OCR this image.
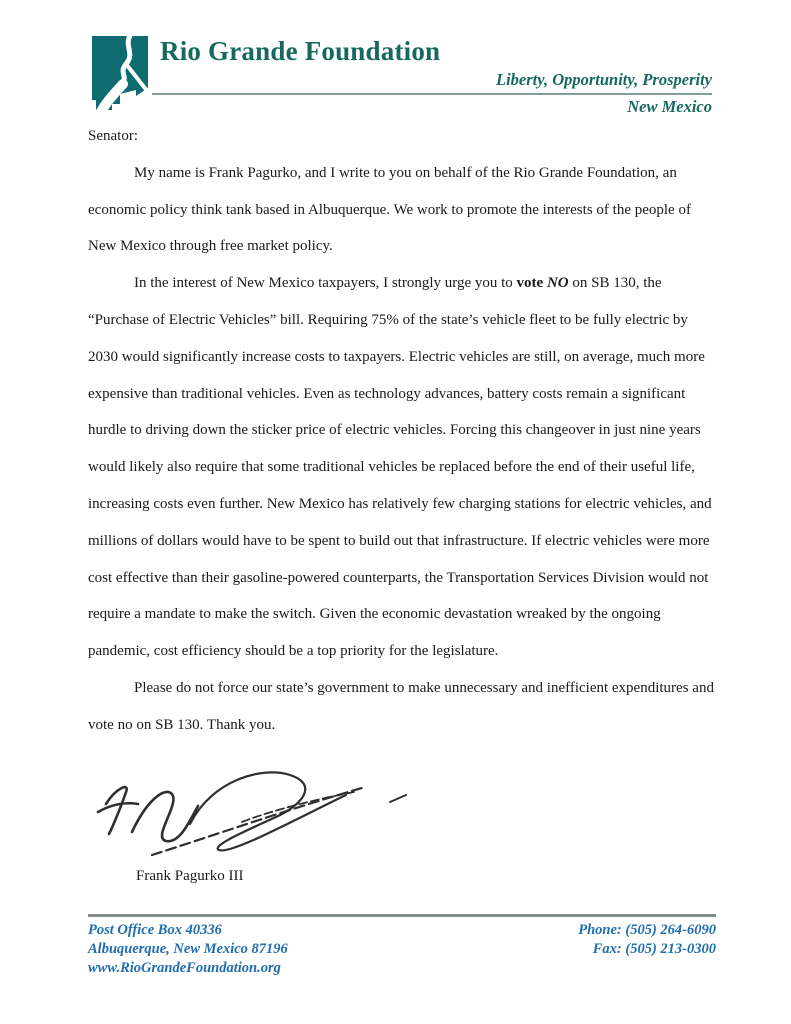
Rio Grande Foundation
Liberty, Opportunity, Prosperity
New Mexico

Senator:

My name is Frank Pagurko, and I write to you on behalf of the Rio Grande Foundation, an economic policy think tank based in Albuquerque. We work to promote the interests of the people of New Mexico through free market policy.

In the interest of New Mexico taxpayers, I strongly urge you to vote NO on SB 130, the “Purchase of Electric Vehicles” bill. Requiring 75% of the state’s vehicle fleet to be fully electric by 2030 would significantly increase costs to taxpayers. Electric vehicles are still, on average, much more expensive than traditional vehicles. Even as technology advances, battery costs remain a significant hurdle to driving down the sticker price of electric vehicles. Forcing this changeover in just nine years would likely also require that some traditional vehicles be replaced before the end of their useful life, increasing costs even further. New Mexico has relatively few charging stations for electric vehicles, and millions of dollars would have to be spent to build out that infrastructure. If electric vehicles were more cost effective than their gasoline-powered counterparts, the Transportation Services Division would not require a mandate to make the switch. Given the economic devastation wreaked by the ongoing pandemic, cost efficiency should be a top priority for the legislature.

Please do not force our state’s government to make unnecessary and inefficient expenditures and vote no on SB 130. Thank you.

Frank Pagurko III
Post Office Box 40336
Albuquerque, New Mexico 87196
www.RioGrandeFoundation.org
Phone: (505) 264-6090
Fax: (505) 213-0300
